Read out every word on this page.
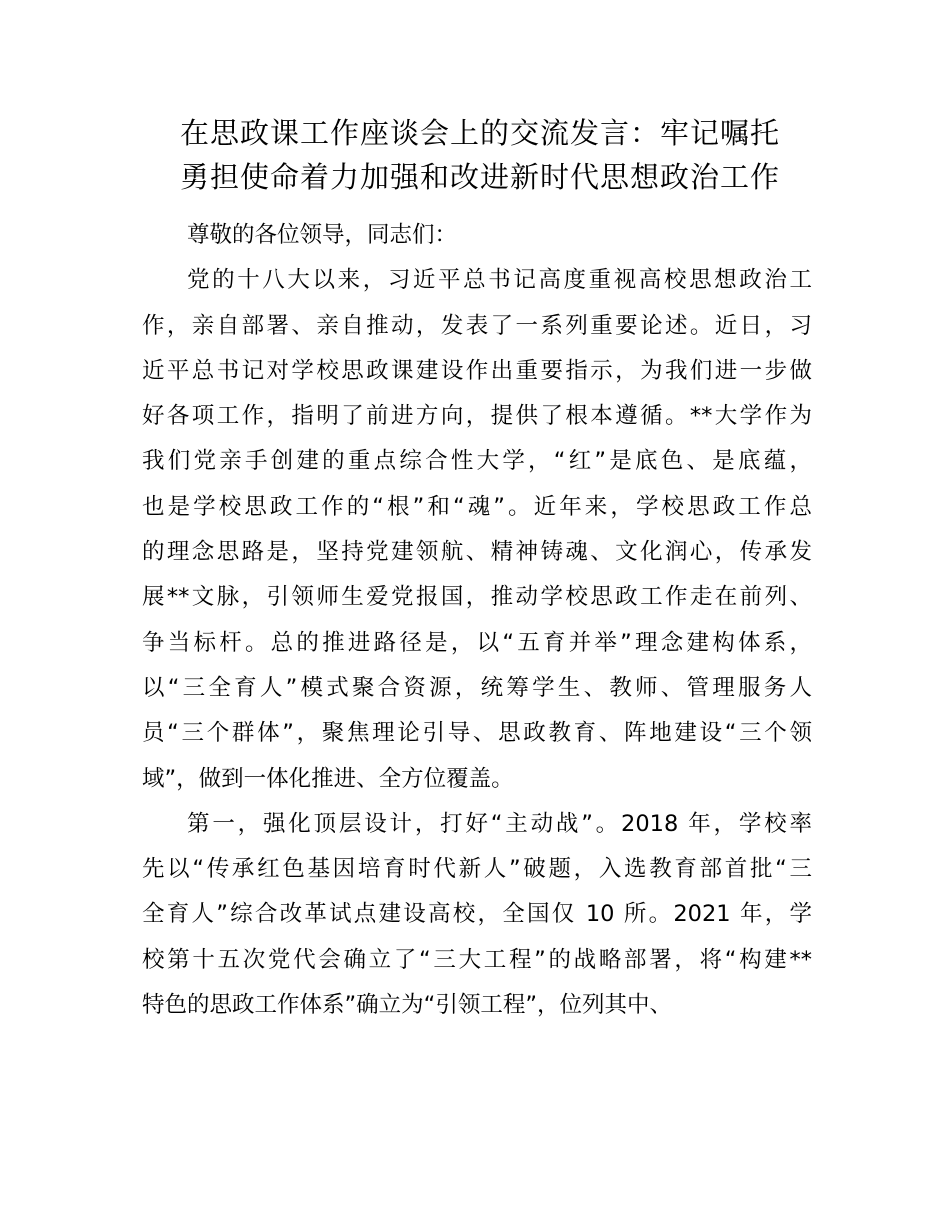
在思政课工作座谈会上的交流发言：牢记嘱托
勇担使命着力加强和改进新时代思想政治工作

尊敬的各位领导，同志们：

党的十八大以来，习近平总书记高度重视高校思想政治工
作，亲自部署、亲自推动，发表了一系列重要论述。近日，习
近平总书记对学校思政课建设作出重要指示，为我们进一步做
好各项工作，指明了前进方向，提供了根本遵循。**大学作为
我们党亲手创建的重点综合性大学，“红”是底色、是底蕴，
也是学校思政工作的“根”和“魂”。近年来，学校思政工作总
的理念思路是，坚持党建领航、精神铸魂、文化润心，传承发
展**文脉，引领师生爱党报国，推动学校思政工作走在前列、
争当标杆。总的推进路径是，以“五育并举”理念建构体系，
以“三全育人”模式聚合资源，统筹学生、教师、管理服务人
员“三个群体”，聚焦理论引导、思政教育、阵地建设“三个领
域”，做到一体化推进、全方位覆盖。

第一，强化顶层设计，打好“主动战”。2018 年，学校率
先以“传承红色基因培育时代新人”破题，入选教育部首批“三
全育人”综合改革试点建设高校，全国仅 10 所。2021 年，学
校第十五次党代会确立了“三大工程”的战略部署，将“构建**
特色的思政工作体系”确立为“引领工程”，位列其中、
